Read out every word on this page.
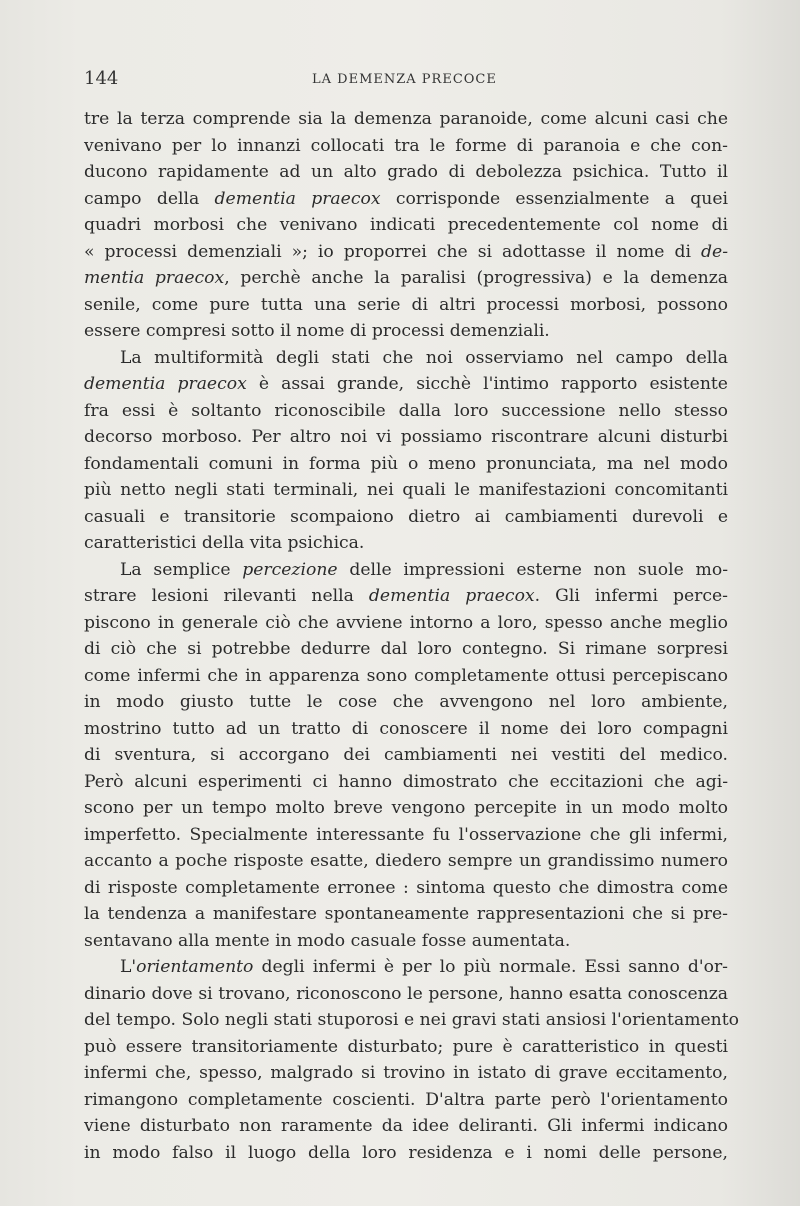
144	LA DEMENZA PRECOCE
tre la terza comprende sia la demenza paranoide, come alcuni casi che
venivano per lo innanzi collocati tra le forme di paranoia e che con-
ducono rapidamente ad un alto grado di debolezza psichica. Tutto il
campo della dementia praecox corrisponde essenzialmente a quei
quadri morbosi che venivano indicati precedentemente col nome di
« processi demenziali »; io proporrei che si adottasse il nome di de-
mentia praecox, perchè anche la paralisi (progressiva) e la demenza
senile, come pure tutta una serie di altri processi morbosi, possono
essere compresi sotto il nome di processi demenziali.
La multiformità degli stati che noi osserviamo nel campo della
dementia praecox è assai grande, sicchè l'intimo rapporto esistente
fra essi è soltanto riconoscibile dalla loro successione nello stesso
decorso morboso. Per altro noi vi possiamo riscontrare alcuni disturbi
fondamentali comuni in forma più o meno pronunciata, ma nel modo
più netto negli stati terminali, nei quali le manifestazioni concomitanti
casuali e transitorie scompaiono dietro ai cambiamenti durevoli e
caratteristici della vita psichica.
La semplice percezione delle impressioni esterne non suole mo-
strare lesioni rilevanti nella dementia praecox. Gli infermi perce-
piscono in generale ciò che avviene intorno a loro, spesso anche meglio
di ciò che si potrebbe dedurre dal loro contegno. Si rimane sorpresi
come infermi che in apparenza sono completamente ottusi percepiscano
in modo giusto tutte le cose che avvengono nel loro ambiente,
mostrino tutto ad un tratto di conoscere il nome dei loro compagni
di sventura, si accorgano dei cambiamenti nei vestiti del medico.
Però alcuni esperimenti ci hanno dimostrato che eccitazioni che agi-
scono per un tempo molto breve vengono percepite in un modo molto
imperfetto. Specialmente interessante fu l'osservazione che gli infermi,
accanto a poche risposte esatte, diedero sempre un grandissimo numero
di risposte completamente erronee : sintoma questo che dimostra come
la tendenza a manifestare spontaneamente rappresentazioni che si pre-
sentavano alla mente in modo casuale fosse aumentata.
L'orientamento degli infermi è per lo più normale. Essi sanno d'or-
dinario dove si trovano, riconoscono le persone, hanno esatta conoscenza
del tempo. Solo negli stati stuporosi e nei gravi stati ansiosi l'orientamento
può essere transitoriamente disturbato; pure è caratteristico in questi
infermi che, spesso, malgrado si trovino in istato di grave eccitamento,
rimangono completamente coscienti. D'altra parte però l'orientamento
viene disturbato non raramente da idee deliranti. Gli infermi indicano
in modo falso il luogo della loro residenza e i nomi delle persone,
